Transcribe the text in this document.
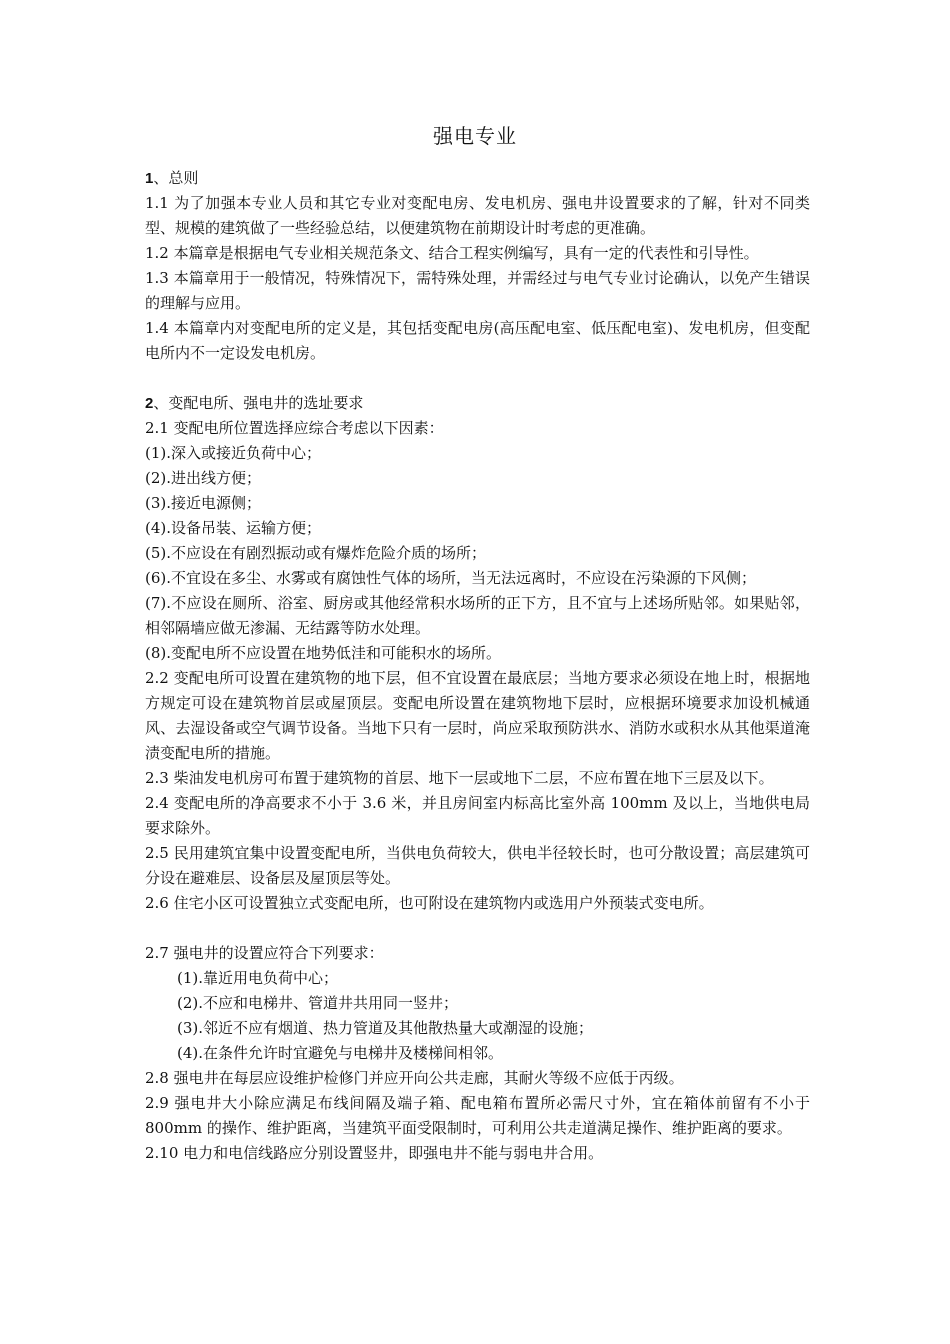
强电专业

1、总则

1.1 为了加强本专业人员和其它专业对变配电房、发电机房、强电井设置要求的了解，针对不同类型、规模的建筑做了一些经验总结，以便建筑物在前期设计时考虑的更准确。

1.2 本篇章是根据电气专业相关规范条文、结合工程实例编写，具有一定的代表性和引导性。

1.3 本篇章用于一般情况，特殊情况下，需特殊处理，并需经过与电气专业讨论确认，以免产生错误的理解与应用。

1.4 本篇章内对变配电所的定义是，其包括变配电房(高压配电室、低压配电室)、发电机房，但变配电所内不一定设发电机房。

2、变配电所、强电井的选址要求

2.1 变配电所位置选择应综合考虑以下因素：

(1).深入或接近负荷中心；

(2).进出线方便；

(3).接近电源侧；

(4).设备吊装、运输方便；

(5).不应设在有剧烈振动或有爆炸危险介质的场所；

(6).不宜设在多尘、水雾或有腐蚀性气体的场所，当无法远离时，不应设在污染源的下风侧；

(7).不应设在厕所、浴室、厨房或其他经常积水场所的正下方，且不宜与上述场所贴邻。如果贴邻，相邻隔墙应做无渗漏、无结露等防水处理。

(8).变配电所不应设置在地势低洼和可能积水的场所。

2.2 变配电所可设置在建筑物的地下层，但不宜设置在最底层；当地方要求必须设在地上时，根据地方规定可设在建筑物首层或屋顶层。变配电所设置在建筑物地下层时，应根据环境要求加设机械通风、去湿设备或空气调节设备。当地下只有一层时，尚应采取预防洪水、消防水或积水从其他渠道淹渍变配电所的措施。

2.3 柴油发电机房可布置于建筑物的首层、地下一层或地下二层，不应布置在地下三层及以下。

2.4 变配电所的净高要求不小于 3.6 米，并且房间室内标高比室外高 100mm 及以上，当地供电局要求除外。

2.5 民用建筑宜集中设置变配电所，当供电负荷较大，供电半径较长时，也可分散设置；高层建筑可分设在避难层、设备层及屋顶层等处。

2.6 住宅小区可设置独立式变配电所，也可附设在建筑物内或选用户外预装式变电所。

2.7 强电井的设置应符合下列要求：

(1).靠近用电负荷中心；

(2).不应和电梯井、管道井共用同一竖井；

(3).邻近不应有烟道、热力管道及其他散热量大或潮湿的设施；

(4).在条件允许时宜避免与电梯井及楼梯间相邻。

2.8 强电井在每层应设维护检修门并应开向公共走廊，其耐火等级不应低于丙级。

2.9 强电井大小除应满足布线间隔及端子箱、配电箱布置所必需尺寸外，宜在箱体前留有不小于 800mm 的操作、维护距离，当建筑平面受限制时，可利用公共走道满足操作、维护距离的要求。

2.10 电力和电信线路应分别设置竖井，即强电井不能与弱电井合用。
